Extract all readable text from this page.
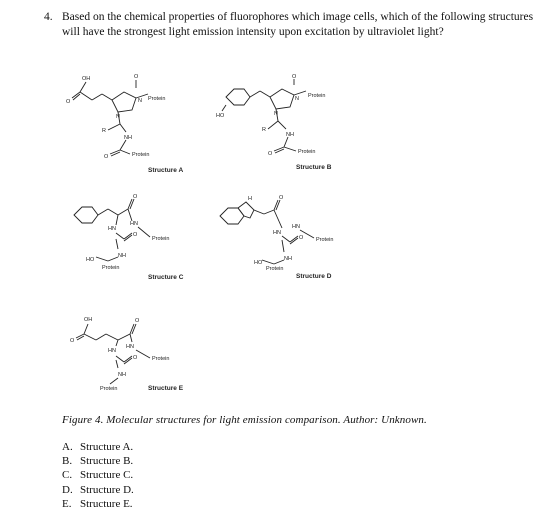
4. Based on the chemical properties of fluorophores which image cells, which of the following structures will have the strongest light emission intensity upon excitation by ultraviolet light?
OH
O
N
N
O
Protein
R
NH
O	Protein
Structure A
HO	N
N
O
Protein
R
NH
O	Protein
Structure B
O
HN
HN
O
Protein
NH
HO
Protein
Structure C
H	O
HN
HN
O Protein
NH
HO
Protein
Structure D
OH
O
O
HN
HN
O	Protein
NH
Protein	Structure E
Figure 4. Molecular structures for light emission comparison. Author: Unknown.
A. Structure A.
B. Structure B.
C. Structure C.
D. Structure D.
E. Structure E.
